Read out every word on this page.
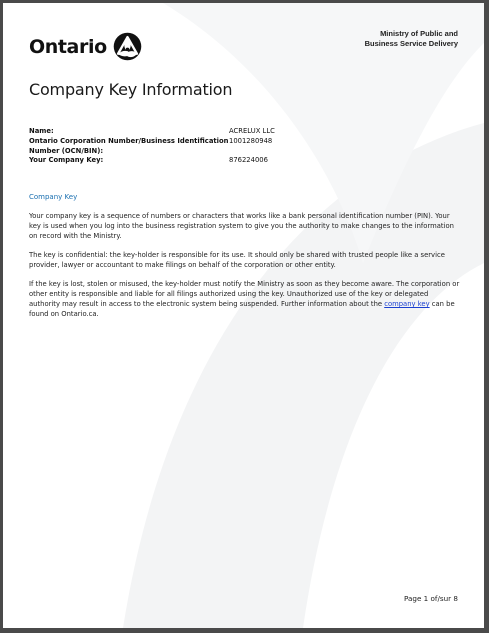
Ontario
Ministry of Public and
Business Service Delivery
Company Key Information
Name:	ACRELUX LLC
Ontario Corporation Number/Business Identification
Number (OCN/BIN):
1001280948
Your Company Key:	876224006
Company Key
Your company key is a sequence of numbers or characters that works like a bank personal identification number (PIN). Your key is used when you log into the business registration system to give you the authority to make changes to the information on record with the Ministry.
The key is confidential: the key-holder is responsible for its use. It should only be shared with trusted people like a service provider, lawyer or accountant to make filings on behalf of the corporation or other entity.
If the key is lost, stolen or misused, the key-holder must notify the Ministry as soon as they become aware. The corporation or other entity is responsible and liable for all filings authorized using the key. Unauthorized use of the key or delegated authority may result in access to the electronic system being suspended. Further information about the company key can be found on Ontario.ca.
Page 1 of/sur 8
